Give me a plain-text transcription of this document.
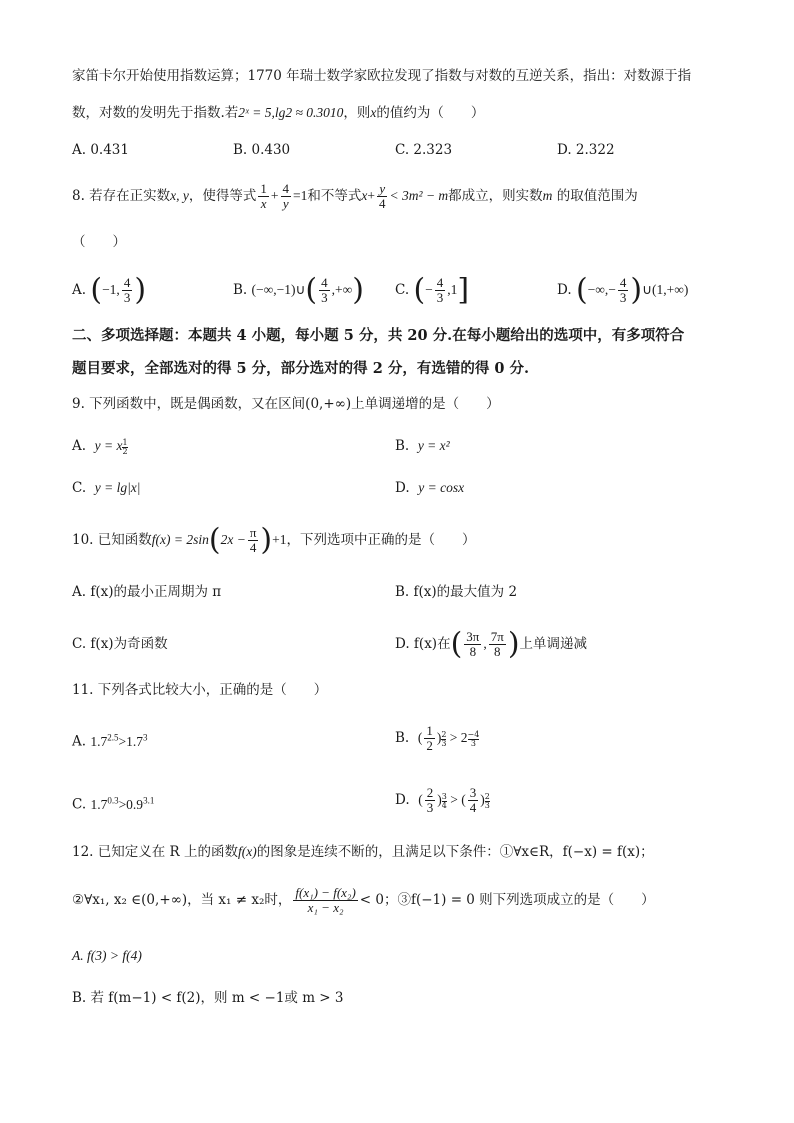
家笛卡尔开始使用指数运算；1770 年瑞士数学家欧拉发现了指数与对数的互逆关系，指出：对数源于指
数，对数的发明先于指数.若2ˣ = 5,lg2 ≈ 0.3010，则x的值约为（　　）
A. 0.431	B. 0.430	C. 2.323	D. 2.322
8. 若存在正实数x, y，使得等式 $\frac{1}{x} + \frac{4}{y} =1$和不等式$x+ \frac{y}{4} < 3m^2 - m$都成立，则实数m 的取值范围为
（　　）
A. (−1, $\frac{4}{3}$ )	B. (−∞,−1)∪( $\frac{4}{3}$ ,+∞) C. (− $\frac{4}{3} ,1$]	D. (−∞,− $\frac{4}{3}$ )∪(1,+∞)
二、多项选择题：本题共 4 小题，每小题 5 分，共 20 分.在每小题给出的选项中，有多项符合
题目要求，全部选对的得 5 分，部分选对的得 2 分，有选错的得 0 分.
9. 下列函数中，既是偶函数，又在区间(0,+∞)上单调递增的是（　　）
A. y = x $\frac{1}{2}$	B. y = x²
C. y = lg|x|	D. y = cosx
10. 已知函数$f(x) = 2\sin(2x - \frac{\pi}{4} )+1$，下列选项中正确的是（　　）
A. f(x)的最小正周期为 π	B. f(x)的最大值为 2
C. f(x)为奇函数	D. f(x)在( $\frac{3\pi}{8}$ , $\frac{7\pi}{8}$ )上单调递减
11. 下列各式比较大小，正确的是（　　）
A. $1.7^{2.5}>1.7^3$	B. ( $\frac{1}{2}$ ) $\frac{2}{3} > 2 \frac{-4}{3}$
C. $1.7^{0.3}>0.9^{3.1}$	D. ( $\frac{2}{3}$ ) $\frac{3}{4}$ > ( $\frac{3}{4}$ ) $\frac{2}{3}$
12. 已知定义在 R 上的函数f(x)的图象是连续不断的，且满足以下条件：①∀x∈R，f(−x) = f(x)；
②∀x₁, x₂ ∈(0,+∞)，当 x₁ ≠ x₂时， $\frac{\text{f(x₁) − f(x₂)}}{\text{x₁ − x₂}} < 0$；③f(−1) = 0 则下列选项成立的是（　　）
A. f(3) > f(4)
B. 若 f(m−1) < f(2)，则 m < −1或 m > 3
